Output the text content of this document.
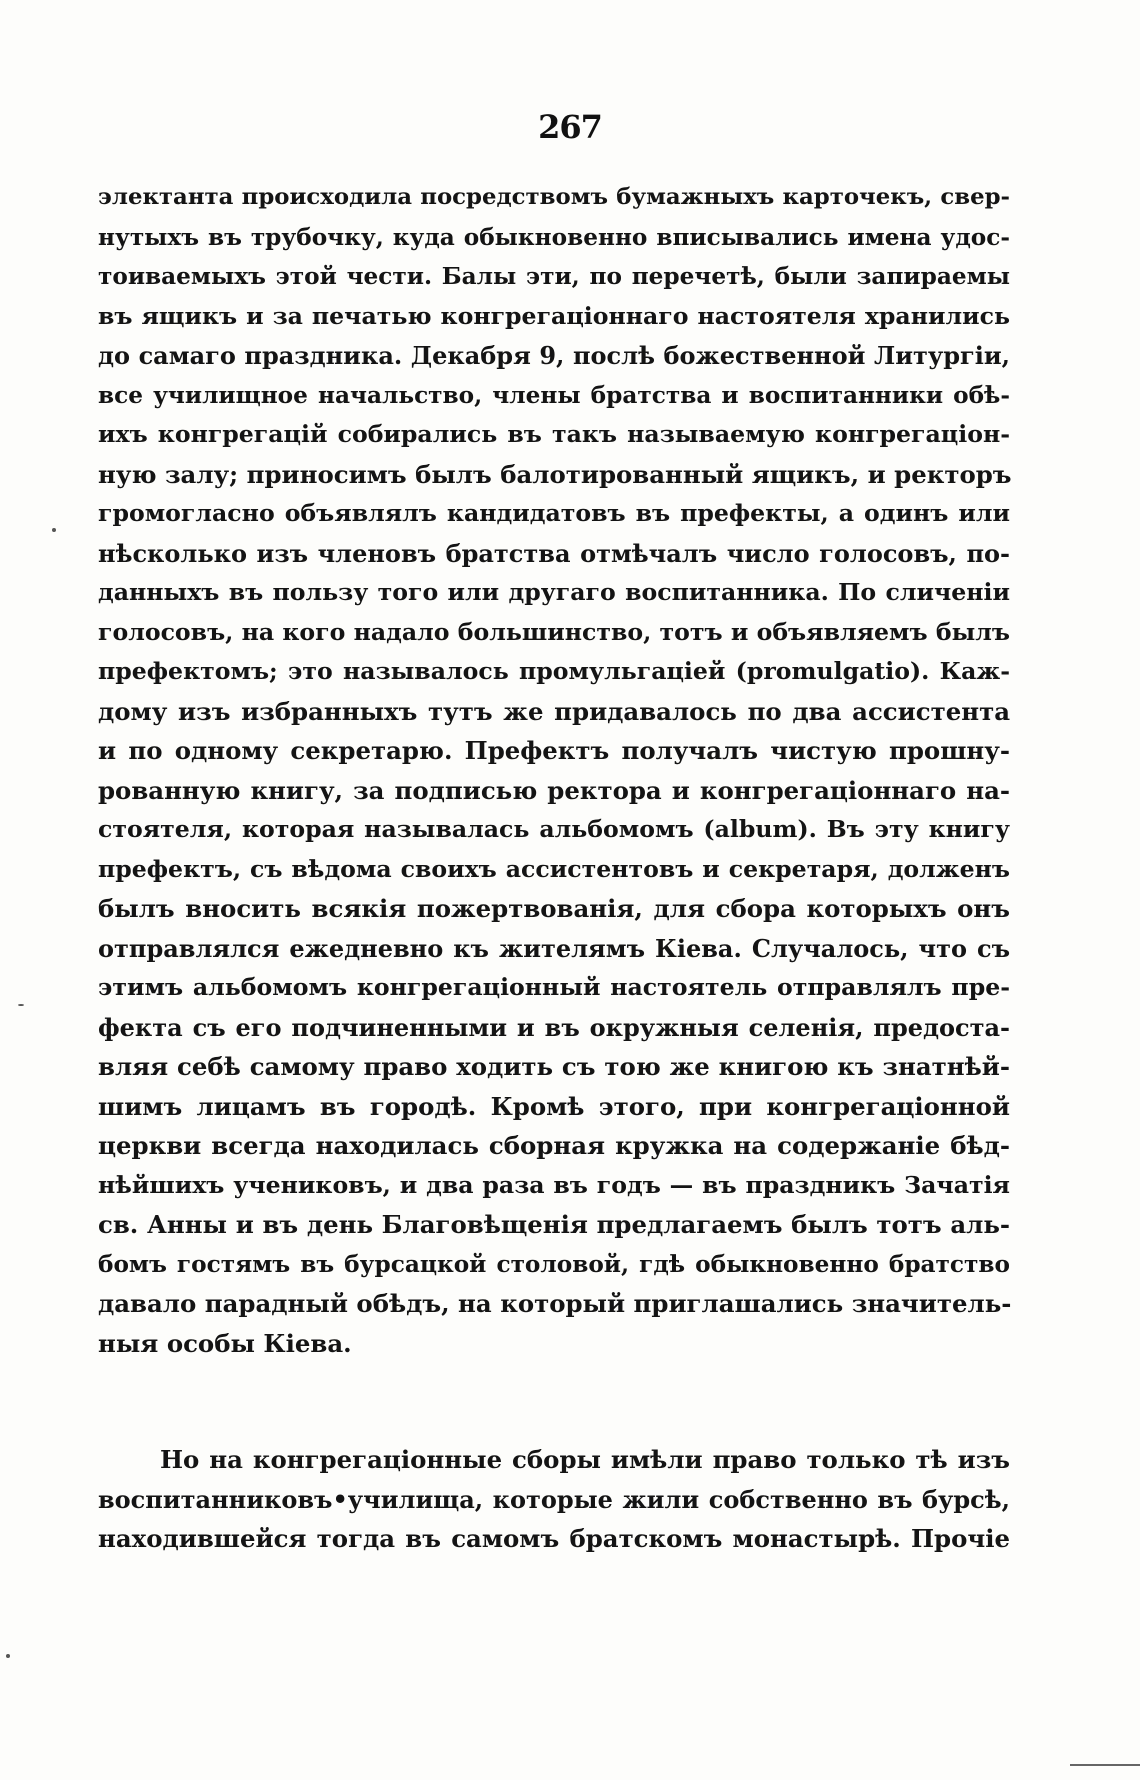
267
электанта происходила посредствомъ бумажныхъ карточекъ, свер-
нутыхъ въ трубочку, куда обыкновенно вписывались имена удос-
тоиваемыхъ этой чести. Балы эти, по перечетѣ, были запираемы
въ ящикъ и за печатью конгрегаціоннаго настоятеля хранились
до самаго праздника. Декабря 9, послѣ божественной Литургіи,
все училищное начальство, члены братства и воспитанники обѣ-
ихъ конгрегацій собирались въ такъ называемую конгрегаціон-
ную залу; приносимъ былъ балотированный ящикъ, и ректоръ
громогласно объявлялъ кандидатовъ въ префекты, а одинъ или
нѣсколько изъ членовъ братства отмѣчалъ число голосовъ, по-
данныхъ въ пользу того или другаго воспитанника. По сличеніи
голосовъ, на кого надало большинство, тотъ и объявляемъ былъ
префектомъ; это называлось промульгаціей (promulgatio). Каж-
дому изъ избранныхъ тутъ же придавалось по два ассистента
и по одному секретарю. Префектъ получалъ чистую прошну-
рованную книгу, за подписью ректора и конгрегаціоннаго на-
стоятеля, которая называлась альбомомъ (album). Въ эту книгу
префектъ, съ вѣдома своихъ ассистентовъ и секретаря, долженъ
былъ вносить всякія пожертвованія, для сбора которыхъ онъ
отправлялся ежедневно къ жителямъ Кіева. Случалось, что съ
этимъ альбомомъ конгрегаціонный настоятель отправлялъ пре-
фекта съ его подчиненными и въ окружныя селенія, предоста-
вляя себѣ самому право ходить съ тою же книгою къ знатнѣй-
шимъ лицамъ въ городѣ. Кромѣ этого, при конгрегаціонной
церкви всегда находилась сборная кружка на содержаніе бѣд-
нѣйшихъ учениковъ, и два раза въ годъ — въ праздникъ Зачатія
св. Анны и въ день Благовѣщенія предлагаемъ былъ тотъ аль-
бомъ гостямъ въ бурсацкой столовой, гдѣ обыкновенно братство
давало парадный обѣдъ, на который приглашались значитель-
ныя особы Кіева.
Но на конгрегаціонные сборы имѣли право только тѣ изъ
воспитанниковъ•училища, которые жили собственно въ бурсѣ,
находившейся тогда въ самомъ братскомъ монастырѣ. Прочіе
